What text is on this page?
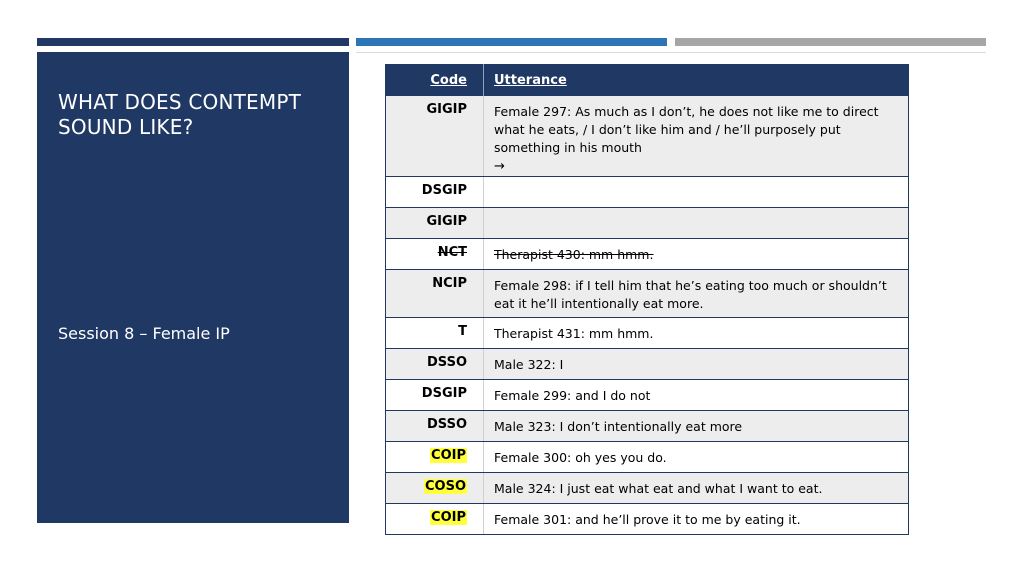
WHAT DOES CONTEMPT SOUND LIKE?
Session 8 – Female IP
Code	Utterance
GIGIP	Female 297: As much as I don’t, he does not like me to direct what he eats, / I don’t like him and / he’ll purposely put something in his mouth
→
DSGIP	
GIGIP	
NCT	Therapist 430: mm hmm.
NCIP	Female 298: if I tell him that he’s eating too much or shouldn’t eat it he’ll intentionally eat more.
T	Therapist 431: mm hmm.
DSSO	Male 322: I
DSGIP	Female 299: and I do not
DSSO	Male 323: I don’t intentionally eat more
COIP	Female 300: oh yes you do.
COSO	Male 324: I just eat what eat and what I want to eat.
COIP	Female 301: and he’ll prove it to me by eating it.
